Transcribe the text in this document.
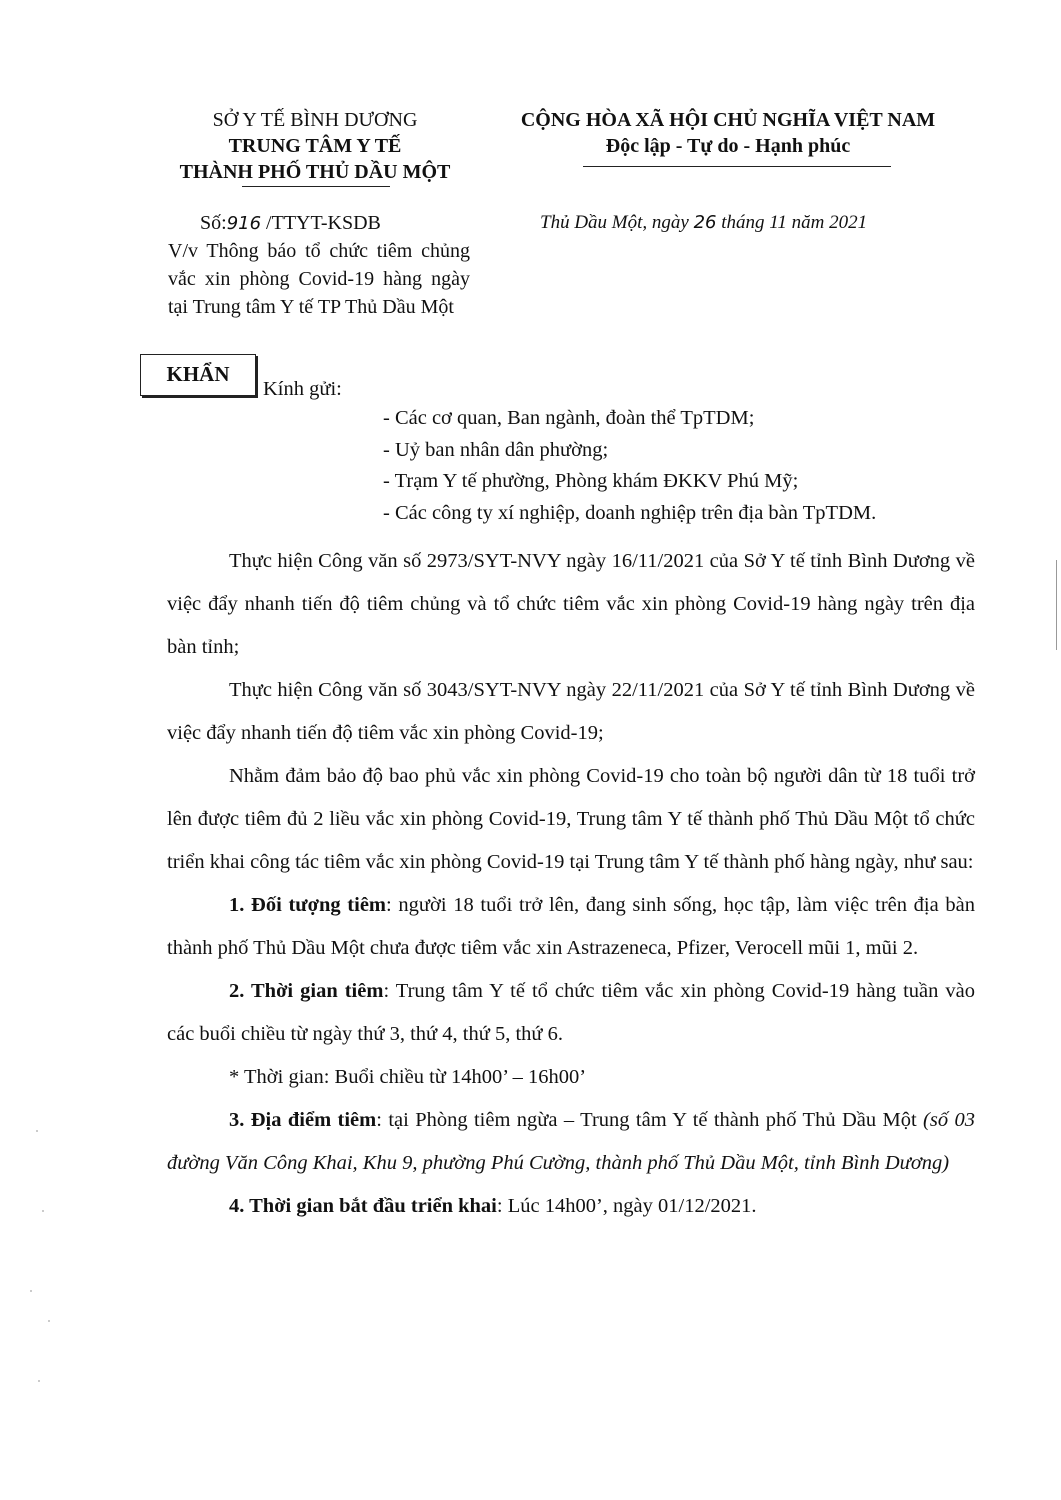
SỞ Y TẾ BÌNH DƯƠNG
TRUNG TÂM Y TẾ
THÀNH PHỐ THỦ DẦU MỘT
CỘNG HÒA XÃ HỘI CHỦ NGHĨA VIỆT NAM
Độc lập - Tự do - Hạnh phúc
Số:916 /TTYT-KSDB
V/v Thông báo tổ chức tiêm chủng vắc xin phòng Covid-19 hàng ngày tại Trung tâm Y tế TP Thủ Dầu Một
Thủ Dầu Một, ngày 26 tháng 11 năm 2021
KHẨN
Kính gửi:
- Các cơ quan, Ban ngành, đoàn thể TpTDM;
- Uỷ ban nhân dân phường;
- Trạm Y tế phường, Phòng khám ĐKKV Phú Mỹ;
- Các công ty xí nghiệp, doanh nghiệp trên địa bàn TpTDM.
Thực hiện Công văn số 2973/SYT-NVY ngày 16/11/2021 của Sở Y tế tỉnh Bình Dương về việc đẩy nhanh tiến độ tiêm chủng và tổ chức tiêm vắc xin phòng Covid-19 hàng ngày trên địa bàn tỉnh;
Thực hiện Công văn số 3043/SYT-NVY ngày 22/11/2021 của Sở Y tế tỉnh Bình Dương về việc đẩy nhanh tiến độ tiêm vắc xin phòng Covid-19;
Nhằm đảm bảo độ bao phủ vắc xin phòng Covid-19 cho toàn bộ người dân từ 18 tuổi trở lên được tiêm đủ 2 liều vắc xin phòng Covid-19, Trung tâm Y tế thành phố Thủ Dầu Một tổ chức triển khai công tác tiêm vắc xin phòng Covid-19 tại Trung tâm Y tế thành phố hàng ngày, như sau:
1. Đối tượng tiêm: người 18 tuổi trở lên, đang sinh sống, học tập, làm việc trên địa bàn thành phố Thủ Dầu Một chưa được tiêm vắc xin Astrazeneca, Pfizer, Verocell mũi 1, mũi 2.
2. Thời gian tiêm: Trung tâm Y tế tổ chức tiêm vắc xin phòng Covid-19 hàng tuần vào các buổi chiều từ ngày thứ 3, thứ 4, thứ 5, thứ 6.
* Thời gian: Buổi chiều từ 14h00’ – 16h00’
3. Địa điểm tiêm: tại Phòng tiêm ngừa – Trung tâm Y tế thành phố Thủ Dầu Một (số 03 đường Văn Công Khai, Khu 9, phường Phú Cường, thành phố Thủ Dầu Một, tỉnh Bình Dương)
4. Thời gian bắt đầu triển khai: Lúc 14h00’, ngày 01/12/2021.
